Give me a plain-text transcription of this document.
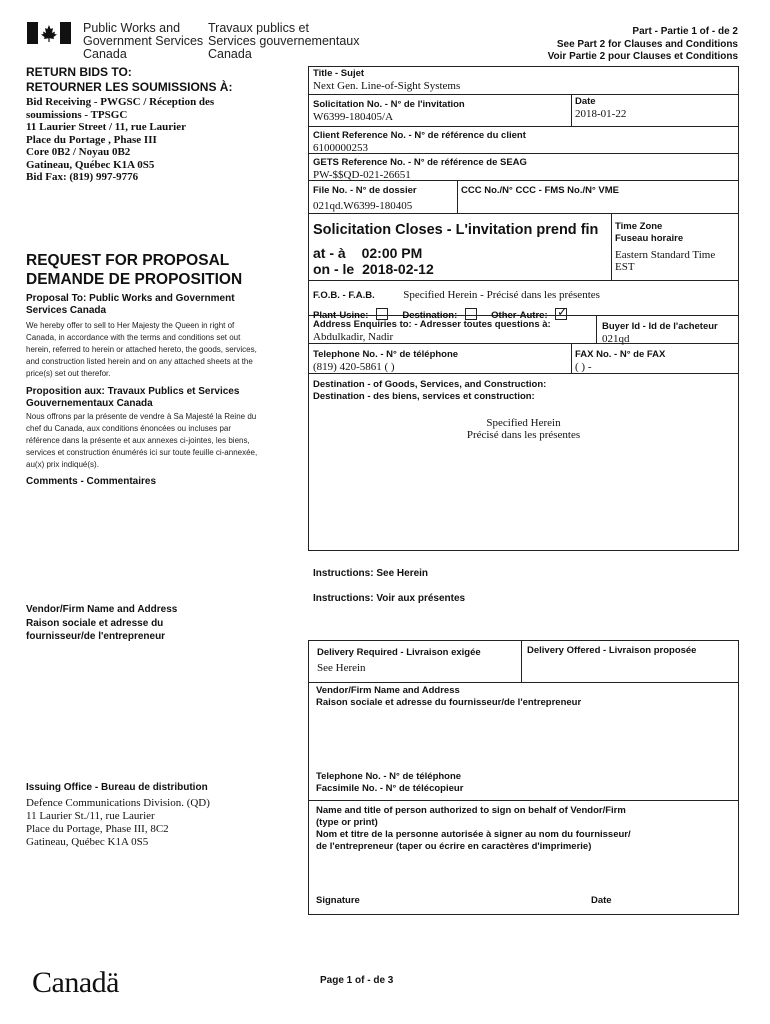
Public Works and
Government Services
Canada
Travaux publics et
Services gouvernementaux
Canada
Part - Partie 1 of - de 2
See Part 2 for Clauses and Conditions
Voir Partie 2 pour Clauses et Conditions
RETURN BIDS TO:
RETOURNER LES SOUMISSIONS À:
Bid Receiving - PWGSC / Réception des
soumissions - TPSGC
11 Laurier Street / 11, rue Laurier
Place du Portage , Phase III
Core 0B2 / Noyau 0B2
Gatineau, Québec K1A 0S5
Bid Fax: (819) 997-9776
REQUEST FOR PROPOSAL
DEMANDE DE PROPOSITION
Proposal To: Public Works and Government Services Canada
We hereby offer to sell to Her Majesty the Queen in right of Canada, in accordance with the terms and conditions set out herein, referred to herein or attached hereto, the goods, services, and construction listed herein and on any attached sheets at the price(s) set out therefor.
Proposition aux: Travaux Publics et Services Gouvernementaux Canada
Nous offrons par la présente de vendre à Sa Majesté la Reine du chef du Canada, aux conditions énoncées ou incluses par référence dans la présente et aux annexes ci-jointes, les biens, services et construction énumérés ici sur toute feuille ci-annexée, au(x) prix indiqué(s).
Comments - Commentaires
Vendor/Firm Name and Address
Raison sociale et adresse du
fournisseur/de l'entrepreneur
Issuing Office - Bureau de distribution
Defence Communications Division. (QD)
11 Laurier St./11, rue Laurier
Place du Portage, Phase III, 8C2
Gatineau, Québec K1A 0S5
Canadä
Title - Sujet
Next Gen. Line-of-Sight Systems
Solicitation No. - N° de l'invitation
W6399-180405/A
Date
2018-01-22
Client Reference No. - N° de référence du client
6100000253
GETS Reference No. - N° de référence de SEAG
PW-$$QD-021-26651
File No. - N° de dossier
021qd.W6399-180405
CCC No./N° CCC - FMS No./N° VME
Solicitation Closes - L'invitation prend fin
at - à 02:00 PM
on - le 2018-02-12
Time Zone
Fuseau horaire
Eastern Standard Time
EST
F.O.B. - F.A.B.	Specified Herein - Précisé dans les présentes
Plant-Usine:	Destination:	Other-Autre: ✓
Address Enquiries to: - Adresser toutes questions à:
Abdulkadir, Nadir
Buyer Id - Id de l'acheteur
021qd
Telephone No. - N° de téléphone
(819) 420-5861 ( )
FAX No. - N° de FAX
( ) -
Destination - of Goods, Services, and Construction:
Destination - des biens, services et construction:
Specified Herein
Précisé dans les présentes
Instructions: See Herein
Instructions: Voir aux présentes
Delivery Required - Livraison exigée
See Herein
Delivery Offered - Livraison proposée
Vendor/Firm Name and Address
Raison sociale et adresse du fournisseur/de l'entrepreneur
Telephone No. - N° de téléphone
Facsimile No. - N° de télécopieur
Name and title of person authorized to sign on behalf of Vendor/Firm
(type or print)
Nom et titre de la personne autorisée à signer au nom du fournisseur/
de l'entrepreneur (taper ou écrire en caractères d'imprimerie)
Signature	Date
Page 1 of - de 3
